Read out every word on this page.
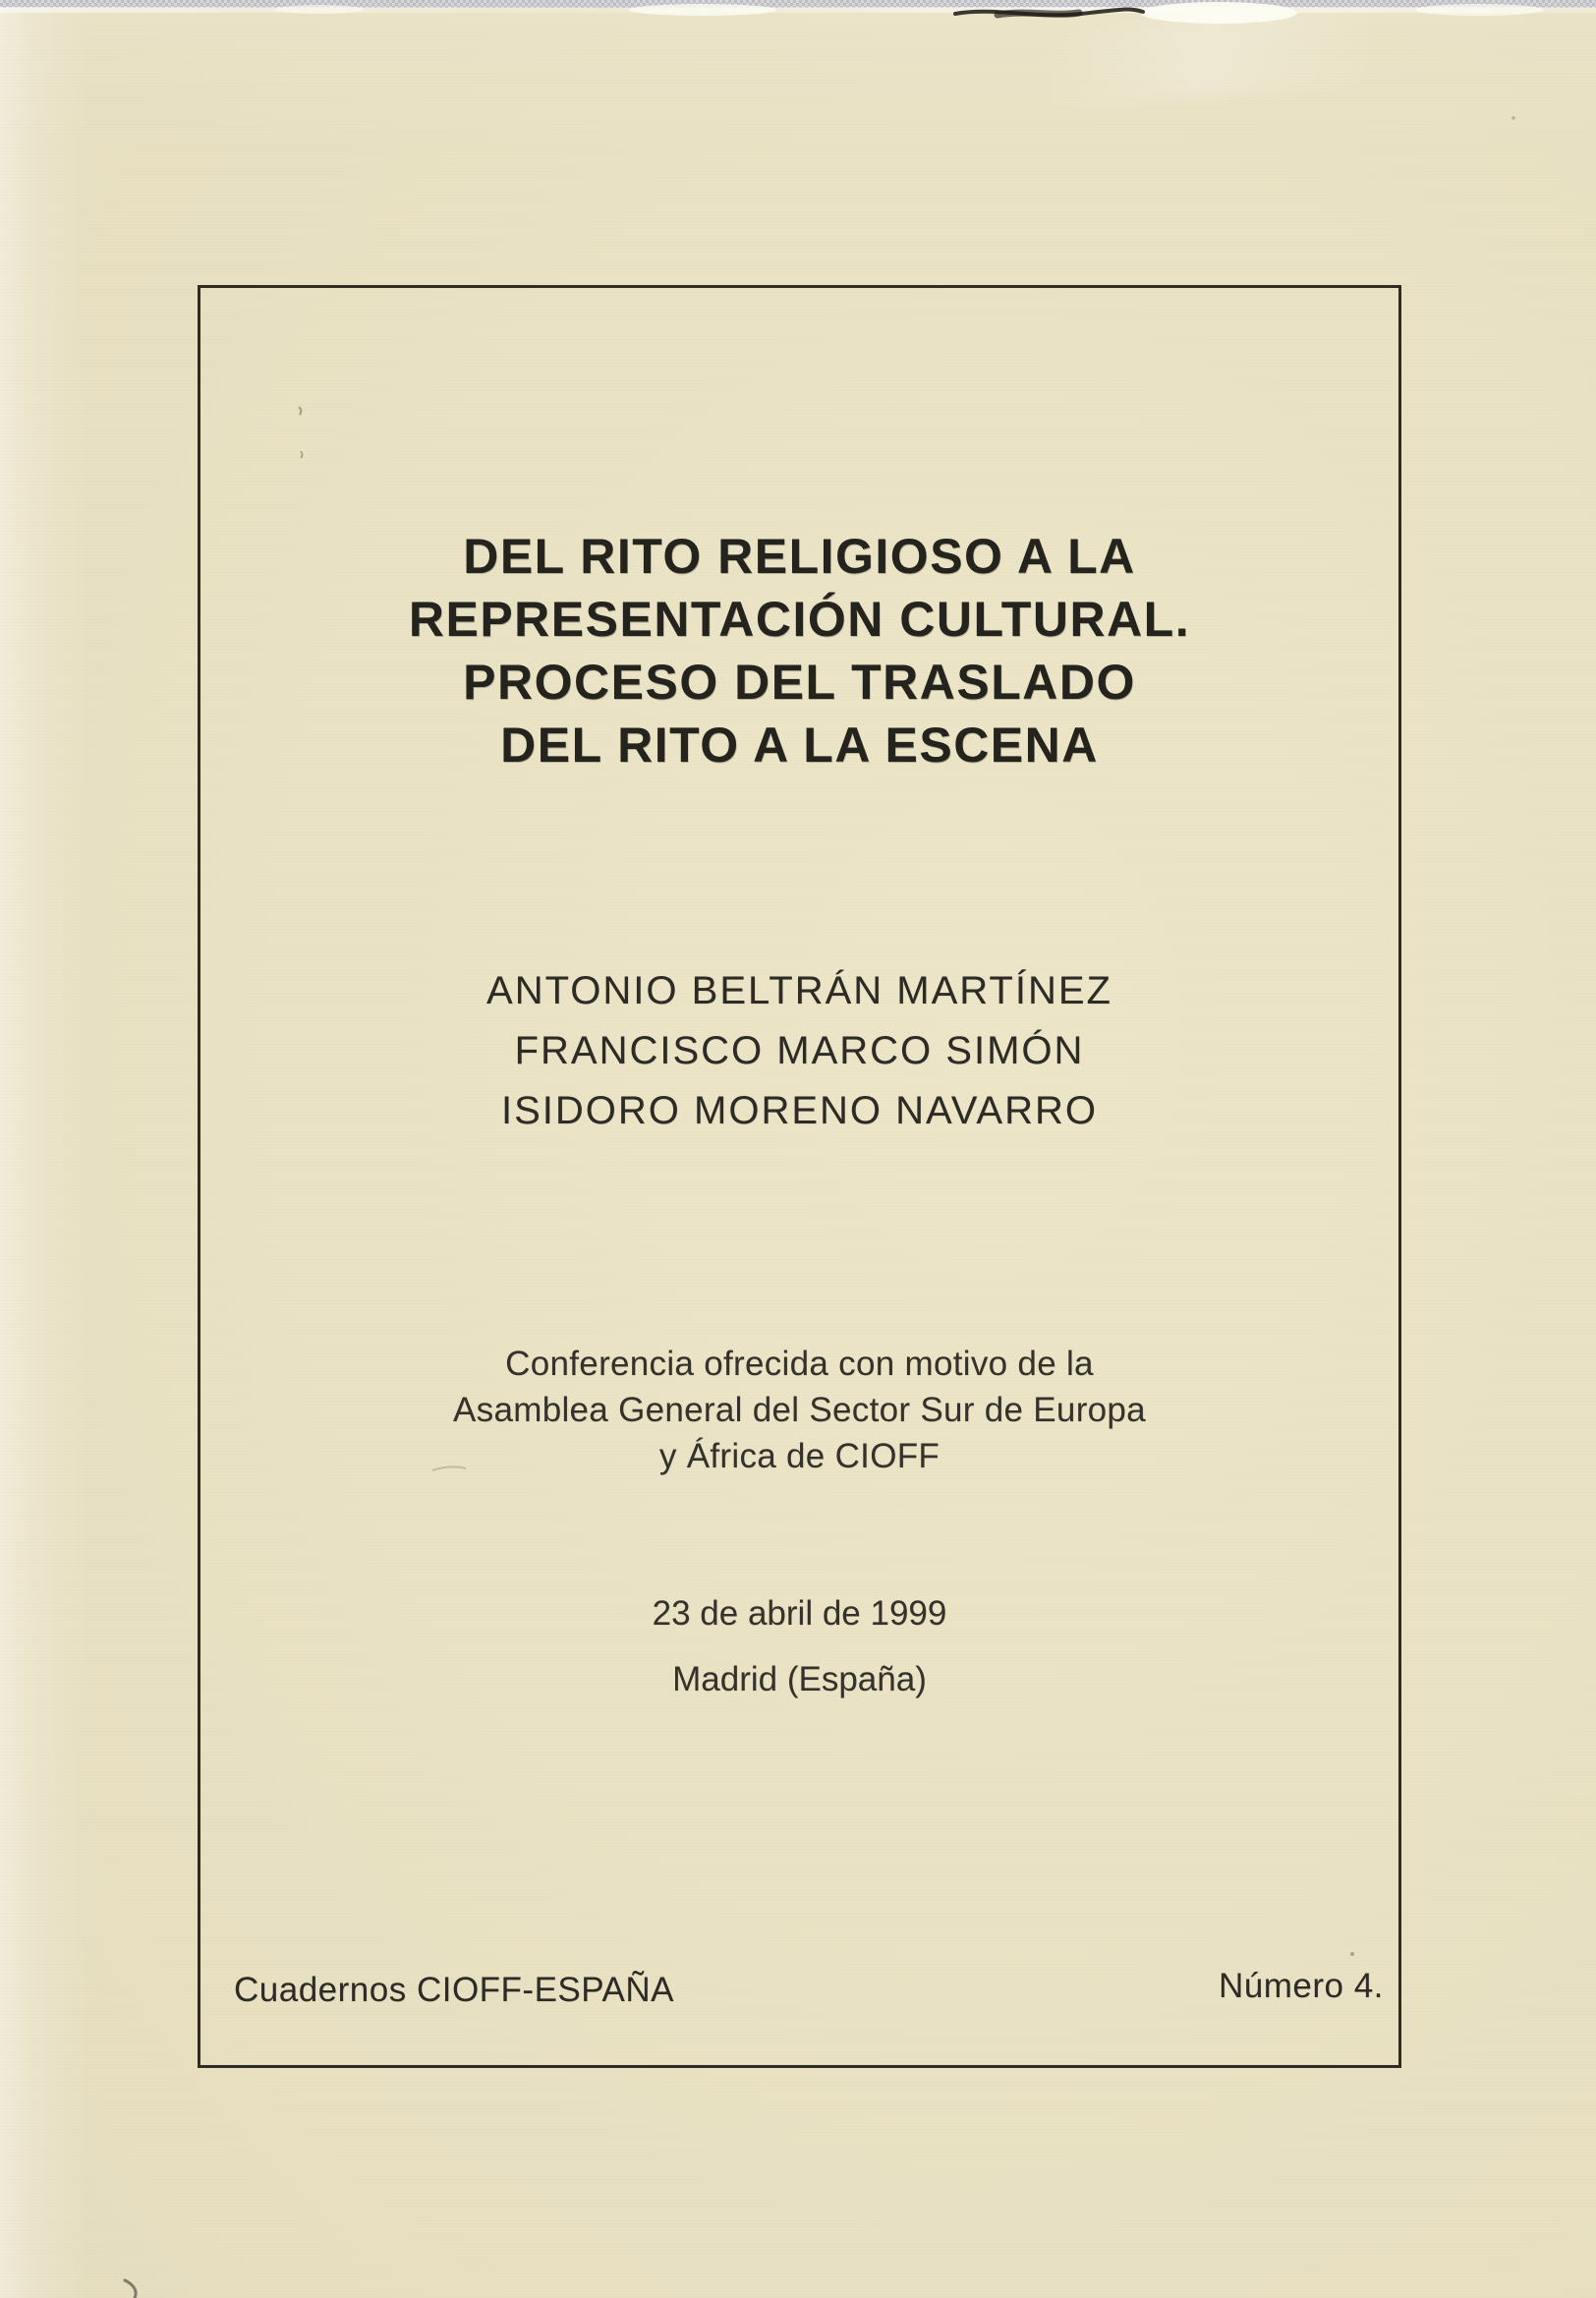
DEL RITO RELIGIOSO A LA
REPRESENTACIÓN CULTURAL.
PROCESO DEL TRASLADO
DEL RITO A LA ESCENA
ANTONIO BELTRÁN MARTÍNEZ
FRANCISCO MARCO SIMÓN
ISIDORO MORENO NAVARRO
Conferencia ofrecida con motivo de la
Asamblea General del Sector Sur de Europa
y África de CIOFF
23 de abril de 1999
Madrid (España)
Cuadernos CIOFF-ESPAÑA	Número 4.
